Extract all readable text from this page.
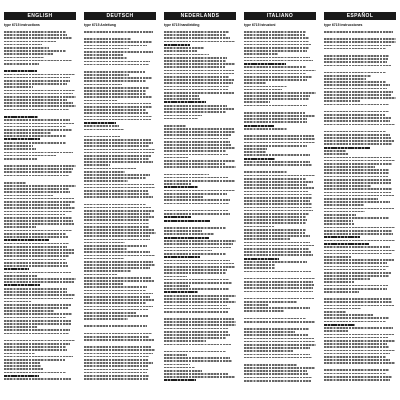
ENGLISH
type 6715 instructions
DEUTSCH
type 6715 Anleitung
NEDERLANDS
type 6715 handleiding
ITALIANO
type 6715 istruzioni
ESPAÑOL
type 6715 instrucciones
